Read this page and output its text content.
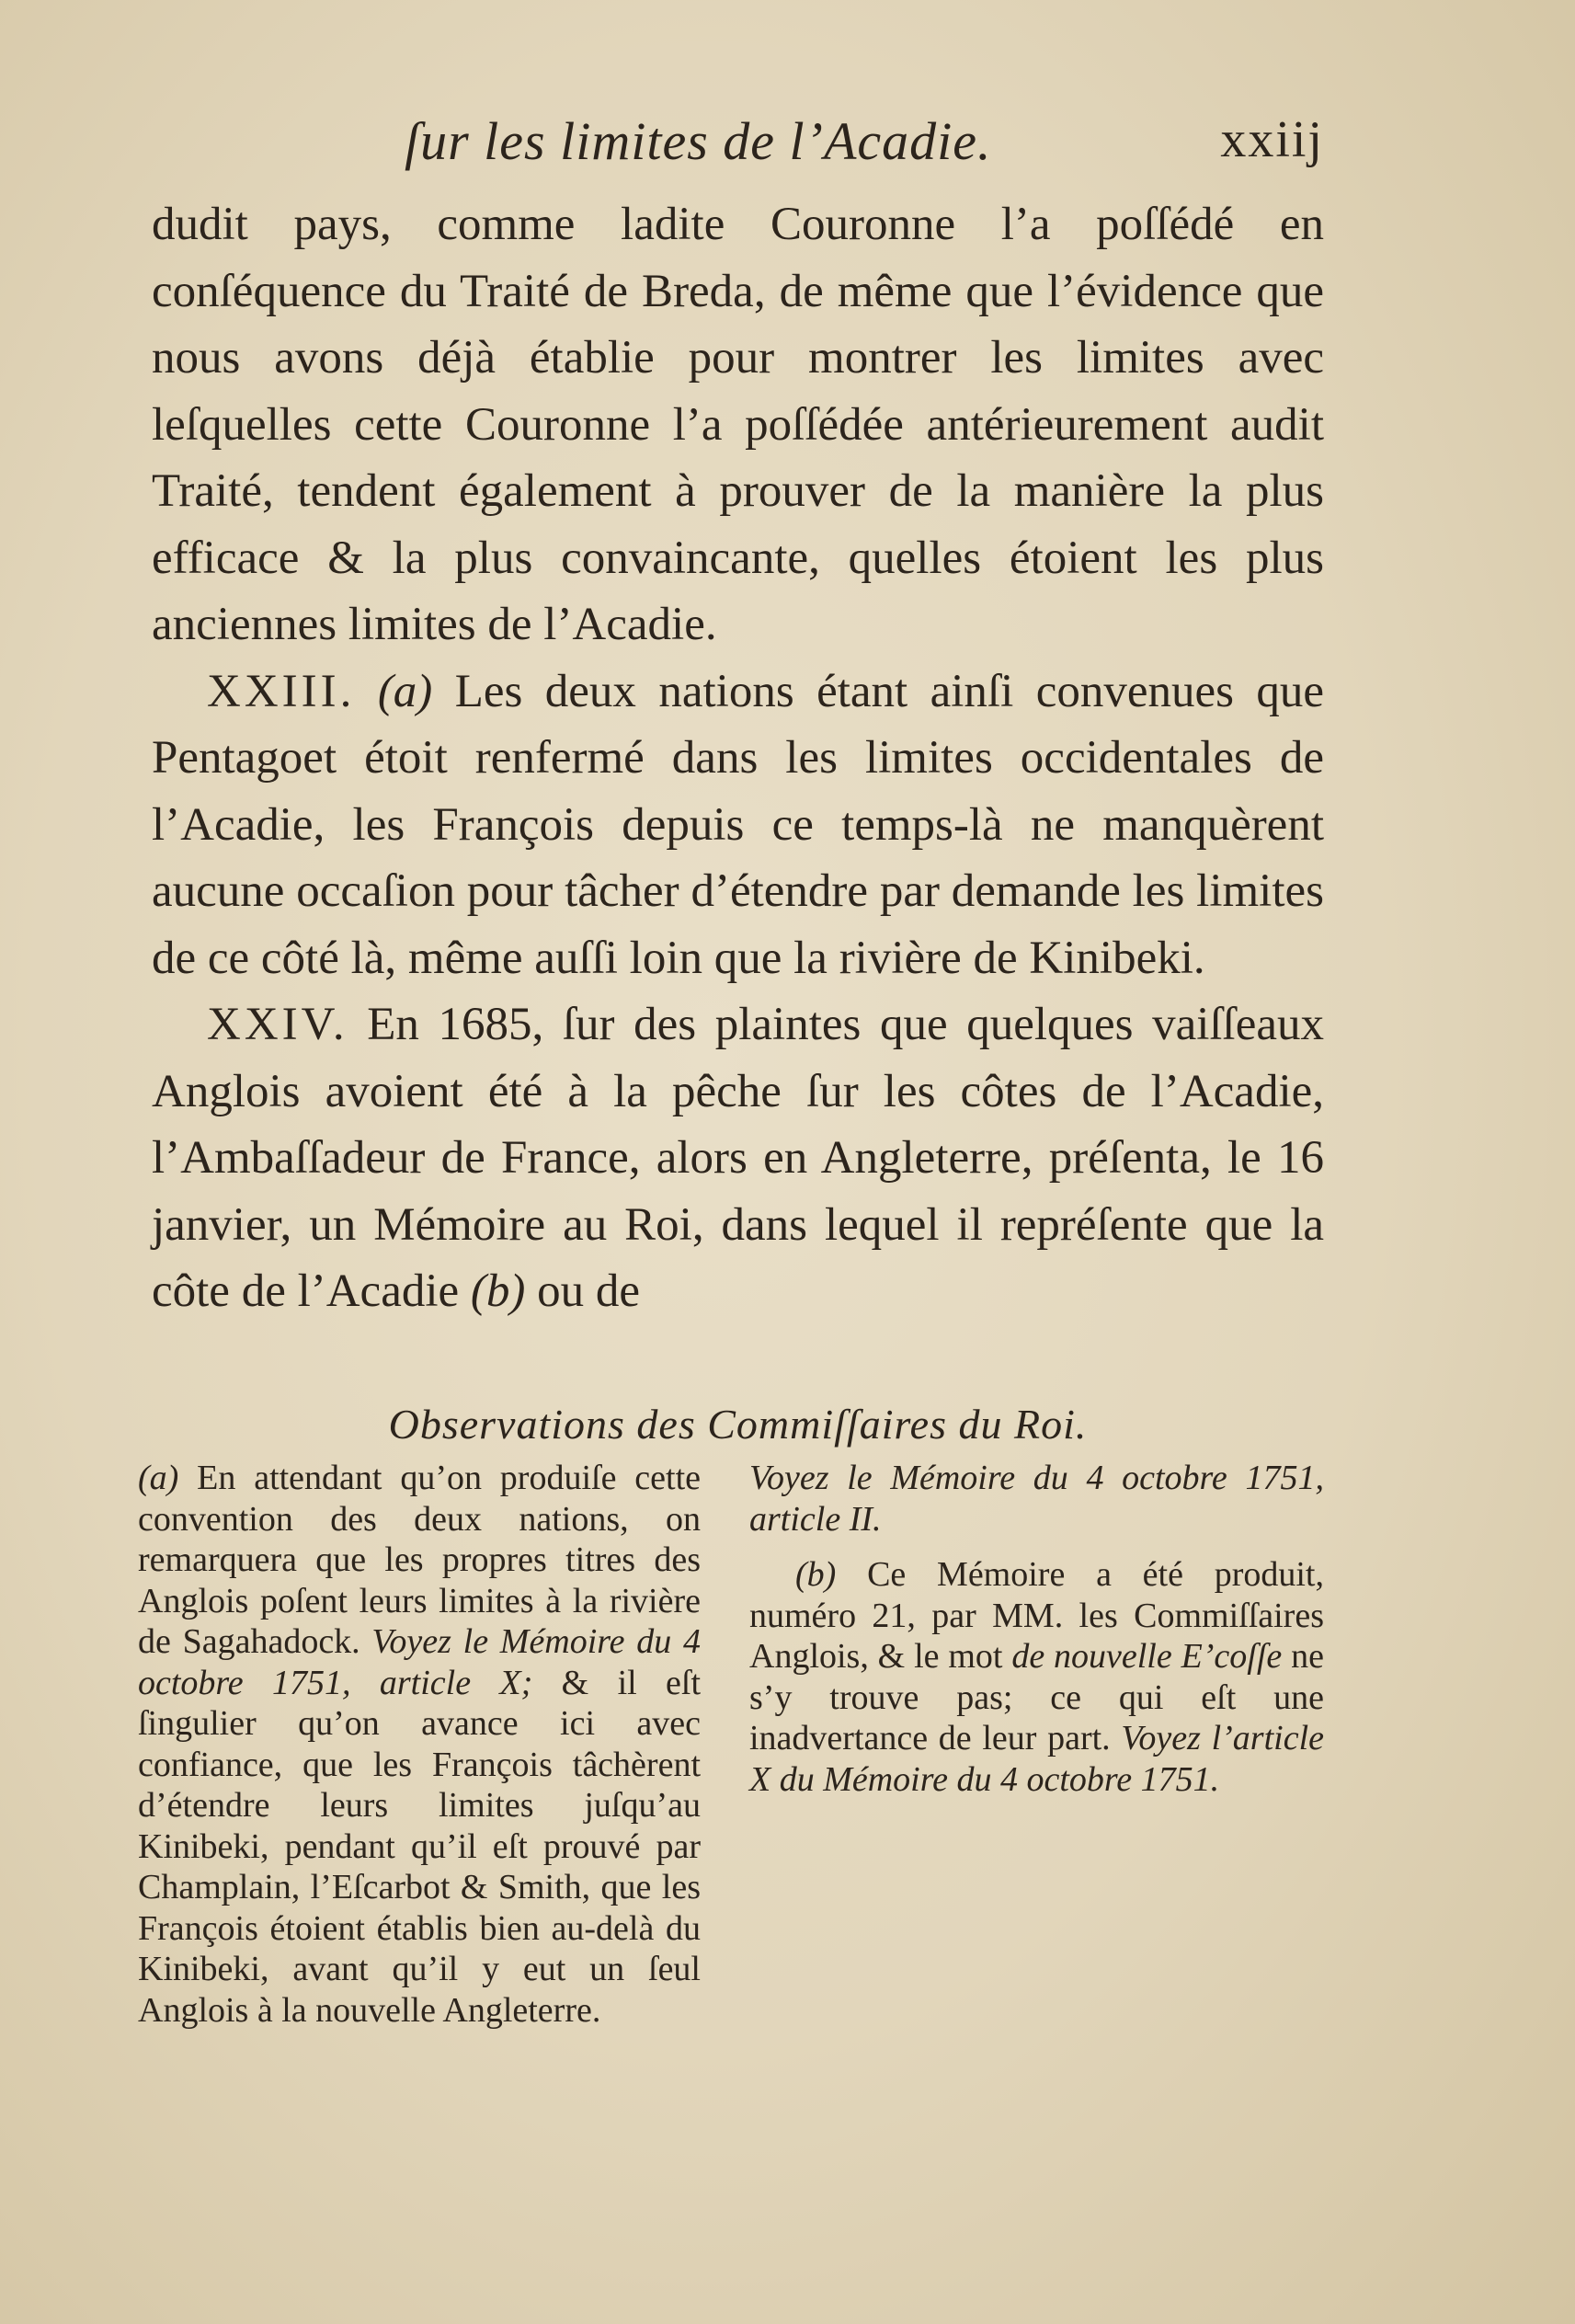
ſur les limites de l’Acadie.	xxiij

dudit pays, comme ladite Couronne l’a poſſédé en conſéquence du Traité de Breda, de même que l’évidence que nous avons déjà établie pour montrer les limites avec leſquelles cette Couronne l’a poſſédée antérieurement audit Traité, tendent également à prouver de la manière la plus efficace & la plus convaincante, quelles étoient les plus anciennes limites de l’Acadie.

XXIII. (a) Les deux nations étant ainſi convenues que Pentagoet étoit renfermé dans les limites occidentales de l’Acadie, les François depuis ce temps-là ne manquèrent aucune occaſion pour tâcher d’étendre par demande les limites de ce côté là, même auſſi loin que la rivière de Kinibeki.

XXIV. En 1685, ſur des plaintes que quelques vaiſſeaux Anglois avoient été à la pêche ſur les côtes de l’Acadie, l’Ambaſſadeur de France, alors en Angleterre, préſenta, le 16 janvier, un Mémoire au Roi, dans lequel il repréſente que la côte de l’Acadie (b) ou de

Observations des Commiſſaires du Roi.

(a) En attendant qu’on produiſe cette convention des deux nations, on remarquera que les propres titres des Anglois poſent leurs limites à la rivière de Sagahadock. Voyez le Mémoire du 4 octobre 1751, article X; & il eſt ſingulier qu’on avance ici avec confiance, que les François tâchèrent d’étendre leurs limites juſqu’au Kinibeki, pendant qu’il eſt prouvé par Champlain, l’Eſcarbot & Smith, que les François étoient établis bien au-delà du Kinibeki, avant qu’il y eut un ſeul Anglois à la nouvelle Angleterre.

Voyez le Mémoire du 4 octobre 1751, article II.

(b) Ce Mémoire a été produit, numéro 21, par MM. les Commiſſaires Anglois, & le mot de nouvelle E’coſſe ne s’y trouve pas; ce qui eſt une inadvertance de leur part. Voyez l’article X du Mémoire du 4 octobre 1751.
